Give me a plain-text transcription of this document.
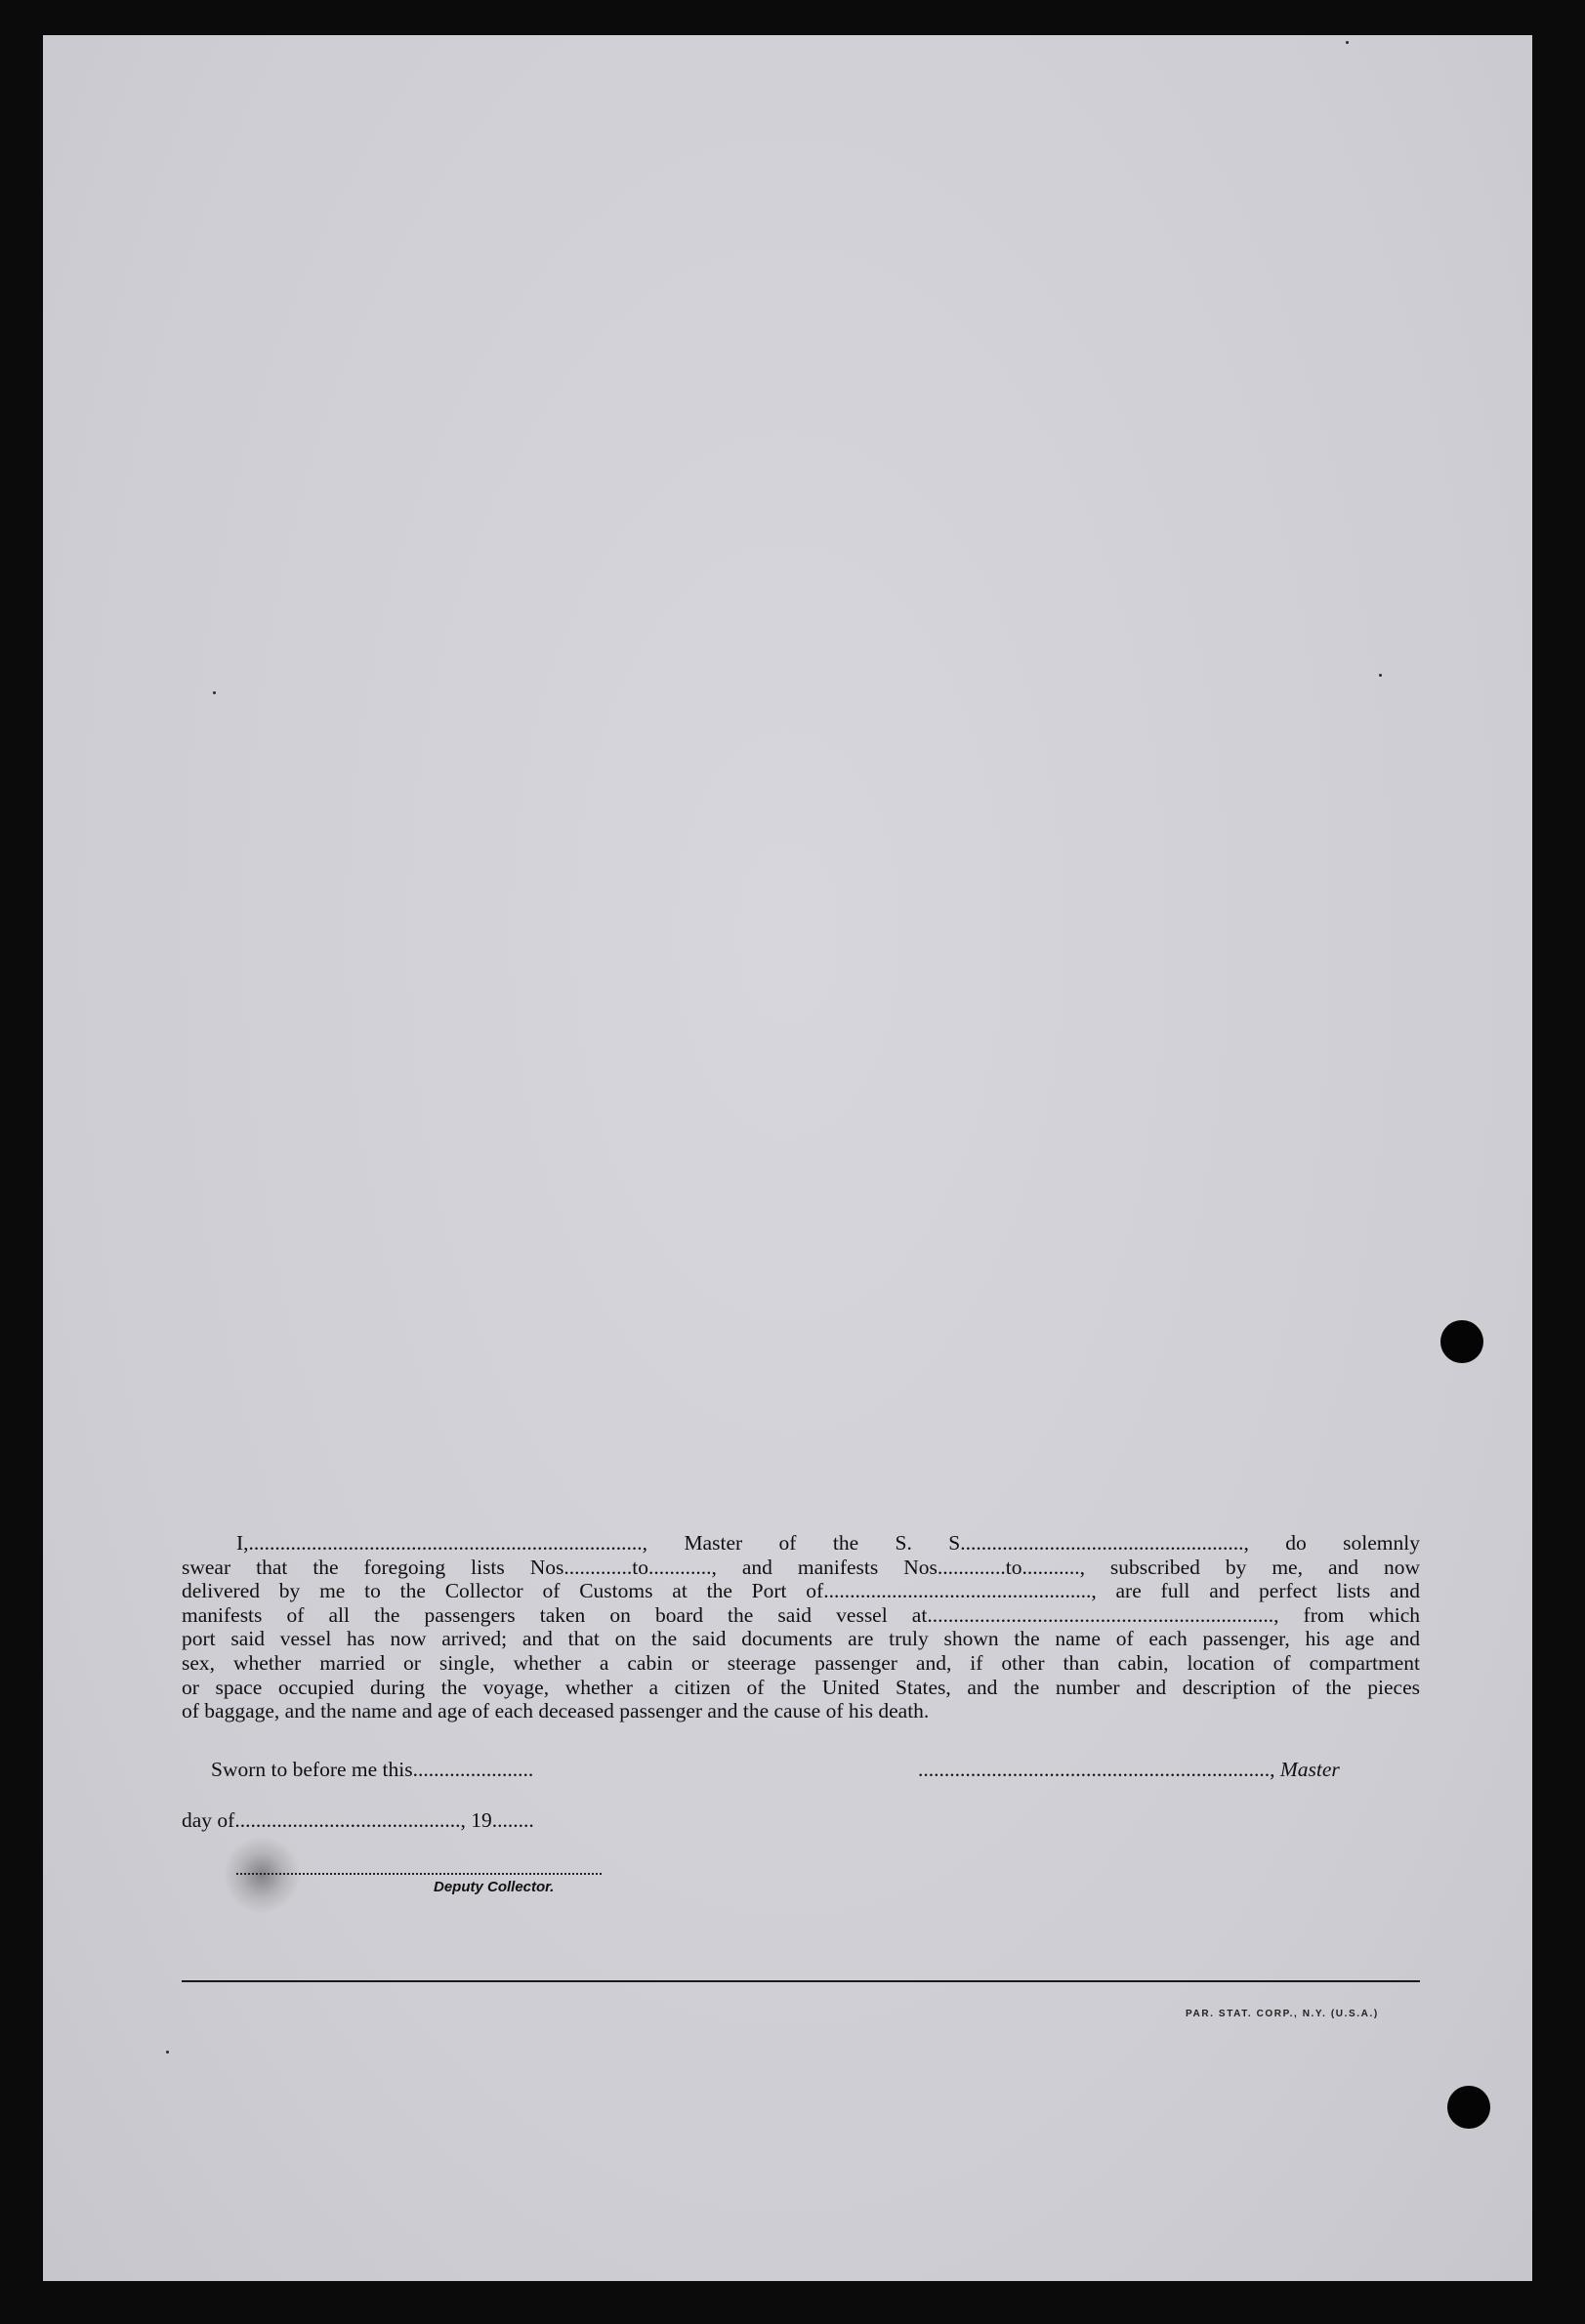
I,..........................................................................., Master of the S. S......................................................, do solemnly
swear that the foregoing lists Nos.............to............, and manifests Nos.............to..........., subscribed by me, and now
delivered by me to the Collector of Customs at the Port of..................................................., are full and perfect lists and
manifests of all the passengers taken on board the said vessel at.................................................................., from which
port said vessel has now arrived; and that on the said documents are truly shown the name of each passenger, his age and
sex, whether married or single, whether a cabin or steerage passenger and, if other than cabin, location of compartment
or space occupied during the voyage, whether a citizen of the United States, and the number and description of the pieces
of baggage, and the name and age of each deceased passenger and the cause of his death.
Sworn to before me this.......................	..................................................................., Master
day of..........................................., 19........
Deputy Collector.
PAR. STAT. CORP., N.Y. (U.S.A.)
